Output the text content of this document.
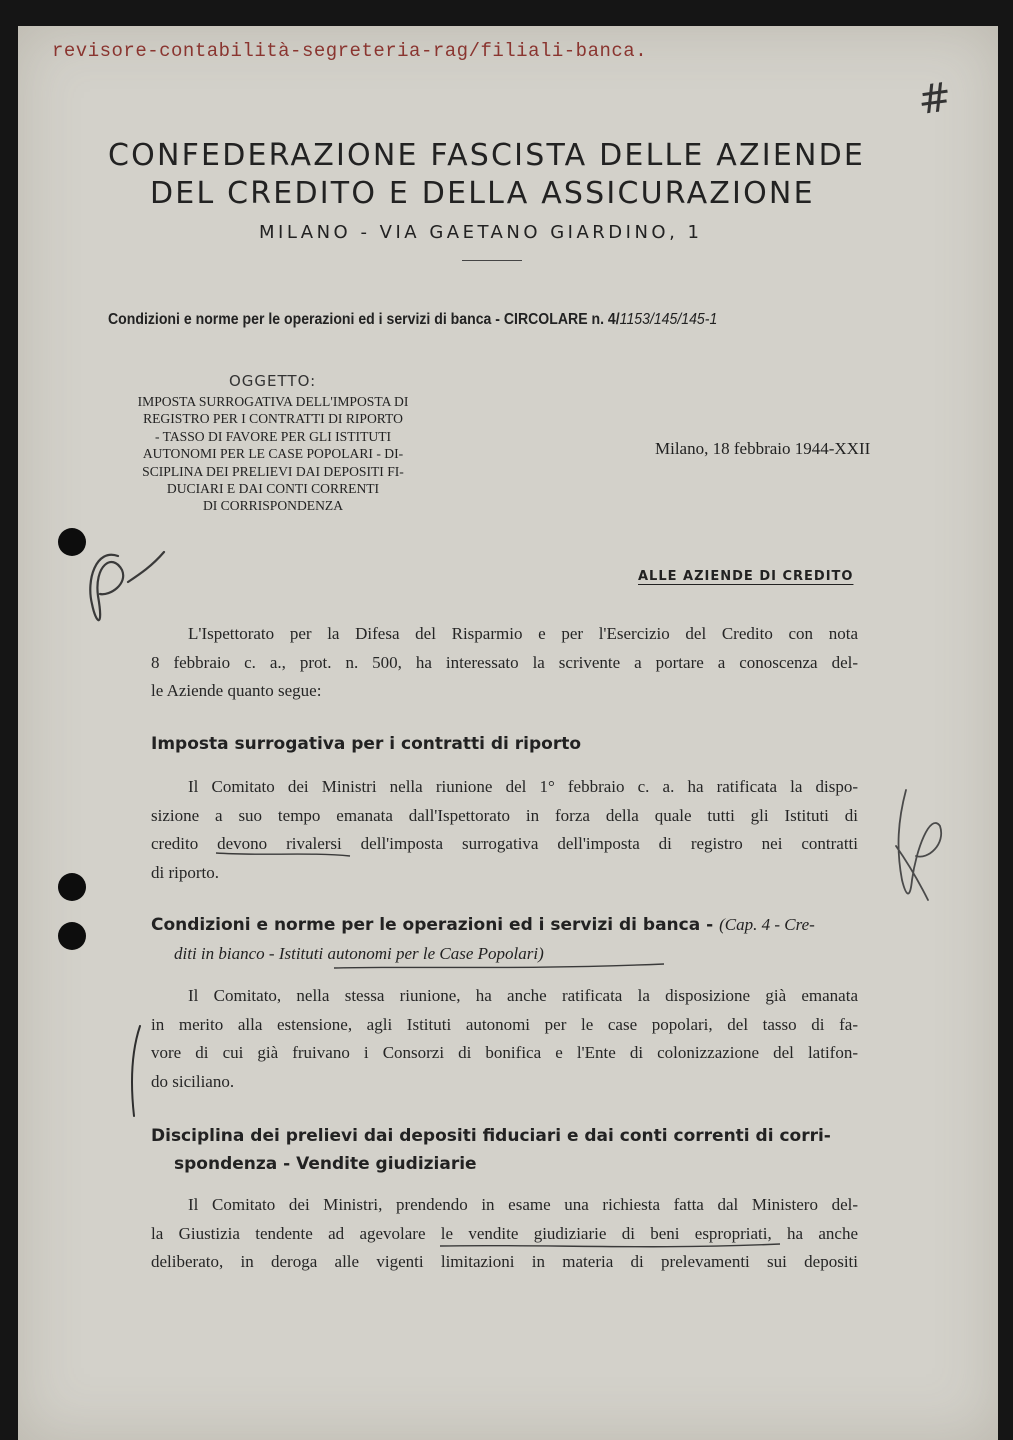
revisore-contabilità-segreteria-rag/filiali-banca.
#
CONFEDERAZIONE FASCISTA DELLE AZIENDE
DEL CREDITO E DELLA ASSICURAZIONE
MILANO - VIA GAETANO GIARDINO, 1
Condizioni e norme per le operazioni ed i servizi di banca - CIRCOLARE n. 4/1153/145/145-1
OGGETTO:
IMPOSTA SURROGATIVA DELL'IMPOSTA DI
REGISTRO PER I CONTRATTI DI RIPORTO
- TASSO DI FAVORE PER GLI ISTITUTI
AUTONOMI PER LE CASE POPOLARI - DI-
SCIPLINA DEI PRELIEVI DAI DEPOSITI FI-
DUCIARI E DAI CONTI CORRENTI
DI CORRISPONDENZA
Milano, 18 febbraio 1944-XXII
ALLE AZIENDE DI CREDITO
L'Ispettorato per la Difesa del Risparmio e per l'Esercizio del Credito con nota
8 febbraio c. a., prot. n. 500, ha interessato la scrivente a portare a conoscenza del-
le Aziende quanto segue:
Imposta surrogativa per i contratti di riporto
Il Comitato dei Ministri nella riunione del 1° febbraio c. a. ha ratificata la dispo-
sizione a suo tempo emanata dall'Ispettorato in forza della quale tutti gli Istituti di
credito devono rivalersi dell'imposta surrogativa dell'imposta di registro nei contratti
di riporto.
Condizioni e norme per le operazioni ed i servizi di banca - (Cap. 4 - Cre-
diti in bianco - Istituti autonomi per le Case Popolari)
Il Comitato, nella stessa riunione, ha anche ratificata la disposizione già emanata
in merito alla estensione, agli Istituti autonomi per le case popolari, del tasso di fa-
vore di cui già fruivano i Consorzi di bonifica e l'Ente di colonizzazione del latifon-
do siciliano.
Disciplina dei prelievi dai depositi fiduciari e dai conti correnti di corri-
spondenza - Vendite giudiziarie
Il Comitato dei Ministri, prendendo in esame una richiesta fatta dal Ministero del-
la Giustizia tendente ad agevolare le vendite giudiziarie di beni espropriati, ha anche
deliberato, in deroga alle vigenti limitazioni in materia di prelevamenti sui depositi
